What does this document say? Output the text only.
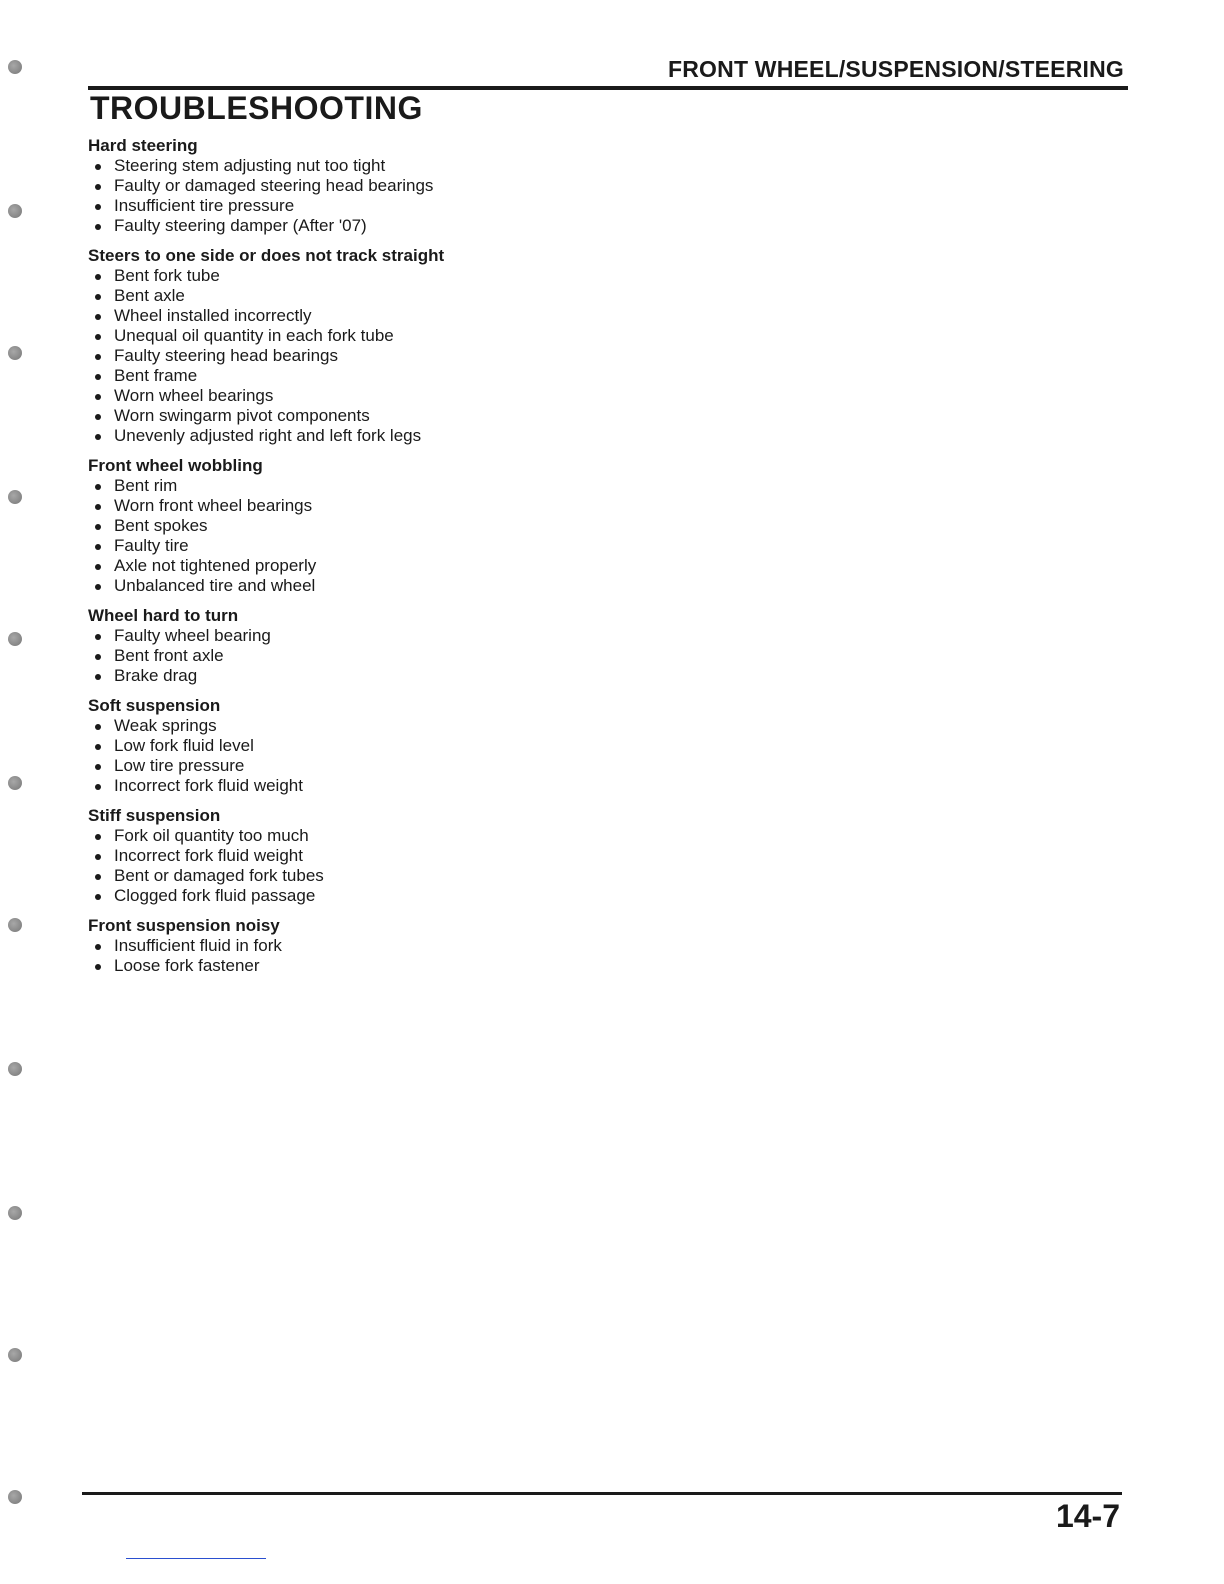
FRONT WHEEL/SUSPENSION/STEERING
TROUBLESHOOTING
Hard steering
Steering stem adjusting nut too tight
Faulty or damaged steering head bearings
Insufficient tire pressure
Faulty steering damper (After '07)
Steers to one side or does not track straight
Bent fork tube
Bent axle
Wheel installed incorrectly
Unequal oil quantity in each fork tube
Faulty steering head bearings
Bent frame
Worn wheel bearings
Worn swingarm pivot components
Unevenly adjusted right and left fork legs
Front wheel wobbling
Bent rim
Worn front wheel bearings
Bent spokes
Faulty tire
Axle not tightened properly
Unbalanced tire and wheel
Wheel hard to turn
Faulty wheel bearing
Bent front axle
Brake drag
Soft suspension
Weak springs
Low fork fluid level
Low tire pressure
Incorrect fork fluid weight
Stiff suspension
Fork oil quantity too much
Incorrect fork fluid weight
Bent or damaged fork tubes
Clogged fork fluid passage
Front suspension noisy
Insufficient fluid in fork
Loose fork fastener
14-7
